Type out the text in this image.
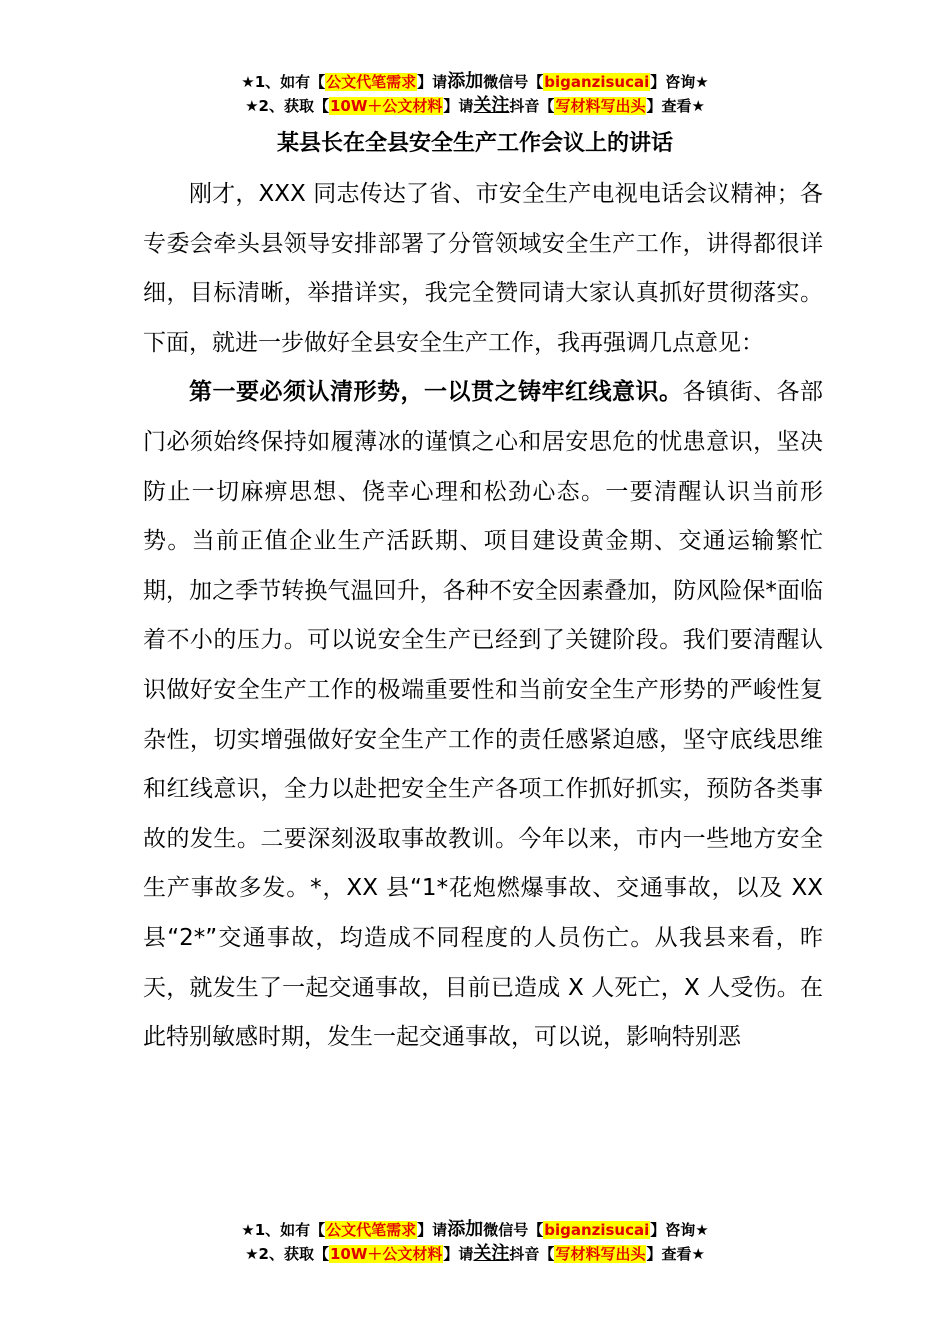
★1、如有【公文代笔需求】请添加微信号【biganzisucai】咨询★
★2、获取【10W＋公文材料】请关注抖音【写材料写出头】查看★
某县长在全县安全生产工作会议上的讲话

刚才，XXX 同志传达了省、市安全生产电视电话会议精神；各专委会牵头县领导安排部署了分管领域安全生产工作，讲得都很详细，目标清晰，举措详实，我完全赞同请大家认真抓好贯彻落实。下面，就进一步做好全县安全生产工作，我再强调几点意见：

第一要必须认清形势，一以贯之铸牢红线意识。各镇街、各部门必须始终保持如履薄冰的谨慎之心和居安思危的忧患意识，坚决防止一切麻痹思想、侥幸心理和松劲心态。一要清醒认识当前形势。当前正值企业生产活跃期、项目建设黄金期、交通运输繁忙期，加之季节转换气温回升，各种不安全因素叠加，防风险保*面临着不小的压力。可以说安全生产已经到了关键阶段。我们要清醒认识做好安全生产工作的极端重要性和当前安全生产形势的严峻性复杂性，切实增强做好安全生产工作的责任感紧迫感，坚守底线思维和红线意识，全力以赴把安全生产各项工作抓好抓实，预防各类事故的发生。二要深刻汲取事故教训。今年以来，市内一些地方安全生产事故多发。*，XX 县“1*花炮燃爆事故、交通事故，以及 XX 县“2*”交通事故，均造成不同程度的人员伤亡。从我县来看，昨天，就发生了一起交通事故，目前已造成 X 人死亡，X 人受伤。在此特别敏感时期，发生一起交通事故，可以说，影响特别恶

★1、如有【公文代笔需求】请添加微信号【biganzisucai】咨询★
★2、获取【10W＋公文材料】请关注抖音【写材料写出头】查看★
